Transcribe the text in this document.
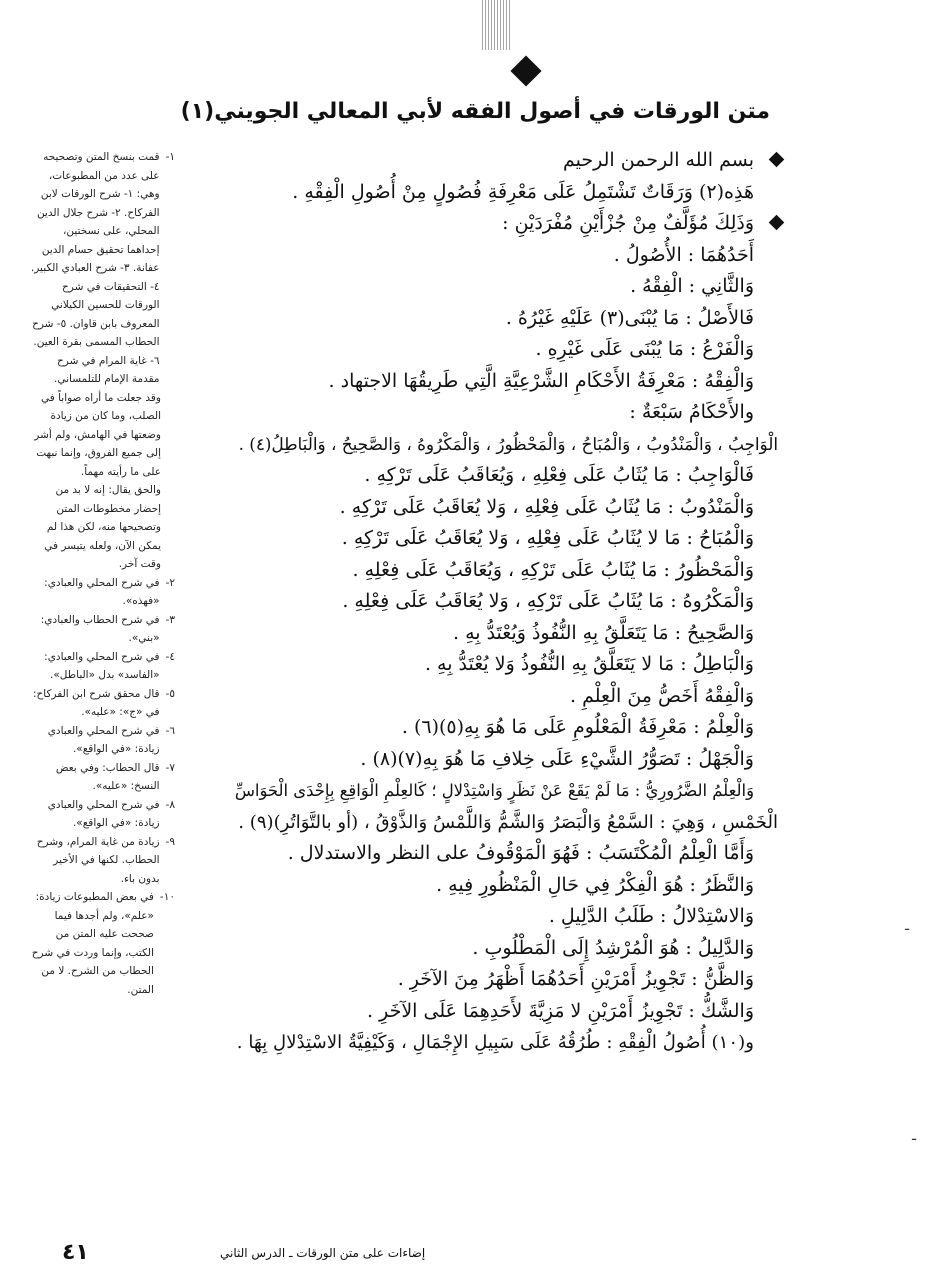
متن الورقات في أصول الفقه لأبي المعالي الجويني(١)
بسم الله الرحمن الرحيم
هَذِه(٢) وَرَقَاتٌ تَشْتَمِلُ عَلَى مَعْرِفَةِ فُصُولٍ مِنْ أُصُولِ الْفِقْهِ .
وَذَلِكَ مُؤَلَّفٌ مِنْ جُزْأَيْنِ مُفْرَدَيْنِ :
أَحَدُهُمَا : الأُصُولُ .
وَالثَّانِي : الْفِقْهُ .
فَالأَصْلُ : مَا يُبْنَى(٣) عَلَيْهِ غَيْرُهُ .
وَالْفَرْعُ : مَا يُبْنَى عَلَى غَيْرِهِ .
وَالْفِقْهُ : مَعْرِفَةُ الأَحْكَامِ الشَّرْعِيَّةِ الَّتِي طَرِيقُهَا الاجتهاد .
والأَحْكَامُ سَبْعَةٌ :
الْوَاجِبُ ، وَالْمَنْدُوبُ ، وَالْمُبَاحُ ، وَالْمَحْظُورُ ، وَالْمَكْرُوهُ ، وَالصَّحِيحُ ، وَالْبَاطِلُ(٤) .
فَالْوَاجِبُ : مَا يُثَابُ عَلَى فِعْلِهِ ، وَيُعَاقَبُ عَلَى تَرْكِهِ .
وَالْمَنْدُوبُ : مَا يُثَابُ عَلَى فِعْلِهِ ، وَلا يُعَاقَبُ عَلَى تَرْكِهِ .
وَالْمُبَاحُ : مَا لا يُثَابُ عَلَى فِعْلِهِ ، وَلا يُعَاقَبُ عَلَى تَرْكِهِ .
وَالْمَحْظُورُ : مَا يُثَابُ عَلَى تَرْكِهِ ، وَيُعَاقَبُ عَلَى فِعْلِهِ .
وَالْمَكْرُوهُ : مَا يُثَابُ عَلَى تَرْكِهِ ، وَلا يُعَاقَبُ عَلَى فِعْلِهِ .
وَالصَّحِيحُ : مَا يَتَعَلَّقُ بِهِ النُّفُوذُ وَيُعْتَدُّ بِهِ .
وَالْبَاطِلُ : مَا لا يَتَعَلَّقُ بِهِ النُّفُوذُ وَلا يُعْتَدُّ بِهِ .
وَالْفِقْهُ أَخَصُّ مِنَ الْعِلْمِ .
وَالْعِلْمُ : مَعْرِفَةُ الْمَعْلُومِ عَلَى مَا هُوَ بِهِ(٥)(٦) .
وَالْجَهْلُ : تَصَوُّرُ الشَّيْءِ عَلَى خِلافِ مَا هُوَ بِهِ(٧)(٨) .
وَالْعِلْمُ الضَّرُورِيُّ : مَا لَمْ يَقَعْ عَنْ نَظَرٍ وَاسْتِدْلالٍ ؛ كَالعِلْمِ الْوَاقِعِ بِإِحْدَى الْحَوَاسِّ
الْخَمْسِ ، وَهِيَ : السَّمْعُ وَالْبَصَرُ وَالشَّمُّ وَاللَّمْسُ وَالذَّوْقُ ، (أو بالتَّوَاتُرِ)(٩) .
وَأَمَّا الْعِلْمُ الْمُكْتَسَبُ : فَهُوَ الْمَوْقُوفُ على النظر والاستدلال .
وَالنَّظَرُ : هُوَ الْفِكْرُ فِي حَالِ الْمَنْظُورِ فِيهِ .
وَالاسْتِدْلالُ : طَلَبُ الدَّلِيلِ .
وَالدَّلِيلُ : هُوَ الْمُرْشِدُ إِلَى الْمَطْلُوبِ .
وَالظَّنُّ : تَجْوِيزُ أَمْرَيْنِ أَحَدُهُمَا أَظْهَرُ مِنَ الآخَرِ .
وَالشَّكُّ : تَجْوِيزُ أَمْرَيْنِ لا مَزِيَّةَ لأَحَدِهِمَا عَلَى الآخَرِ .
و(١٠) أُصُولُ الْفِقْهِ : طُرُقُهُ عَلَى سَبِيلِ الإِجْمَالِ ، وَكَيْفِيَّةُ الاسْتِدْلالِ بِهَا .
١-
قمت بنسخ المتن وتصحيحه على عدد من المطبوعات، وهي: ١- شرح الورقات لابن الفركاح. ٢- شرح جلال الدين المحلي، على نسختين، إحداهما تحقيق حسام الدين عفانة. ٣- شرح العبادي الكبير. ٤- التحقيقات في شرح الورقات للحسين الكيلاني المعروف بابن قاوان. ٥- شرح الحطاب المسمى بقرة العين. ٦- غاية المرام في شرح مقدمة الإمام للتلمساني.
وقد جعلت ما أراه صواباً في الصلب، وما كان من زيادة وضعتها في الهامش، ولم أشر إلى جميع الفروق، وإنما نبهت على ما رأيته مهماً.
والحق يقال: إنه لا بد من إحضار مخطوطات المتن وتصحيحها منه، لكن هذا لم يمكن الآن، ولعله يتيسر في وقت آخر.
٢-
في شرح المحلي والعبادي: «فهذه».
٣-
في شرح الحطاب والعبادي: «بني».
٤-
في شرح المحلي والعبادي: «الفاسد» بدل «الباطل».
٥-
قال محقق شرح ابن الفركاح: في «ج»: «عليه».
٦-
في شرح المحلي والعبادي زيادة: «في الواقع».
٧-
قال الحطاب: وفي بعض النسخ: «عليه».
٨-
في شرح المحلي والعبادي زيادة: «في الواقع».
٩-
زيادة من غاية المرام، وشرح الحطاب. لكنها في الأخير بدون باء.
١٠-
في بعض المطبوعات زيادة: «علم»، ولم أجدها فيما صححت عليه المتن من الكتب، وإنما وردت في شرح الحطاب من الشرح. لا من المتن.
٤١	إضاءات على متن الورقات ـ الدرس الثاني
ـ
ـ
